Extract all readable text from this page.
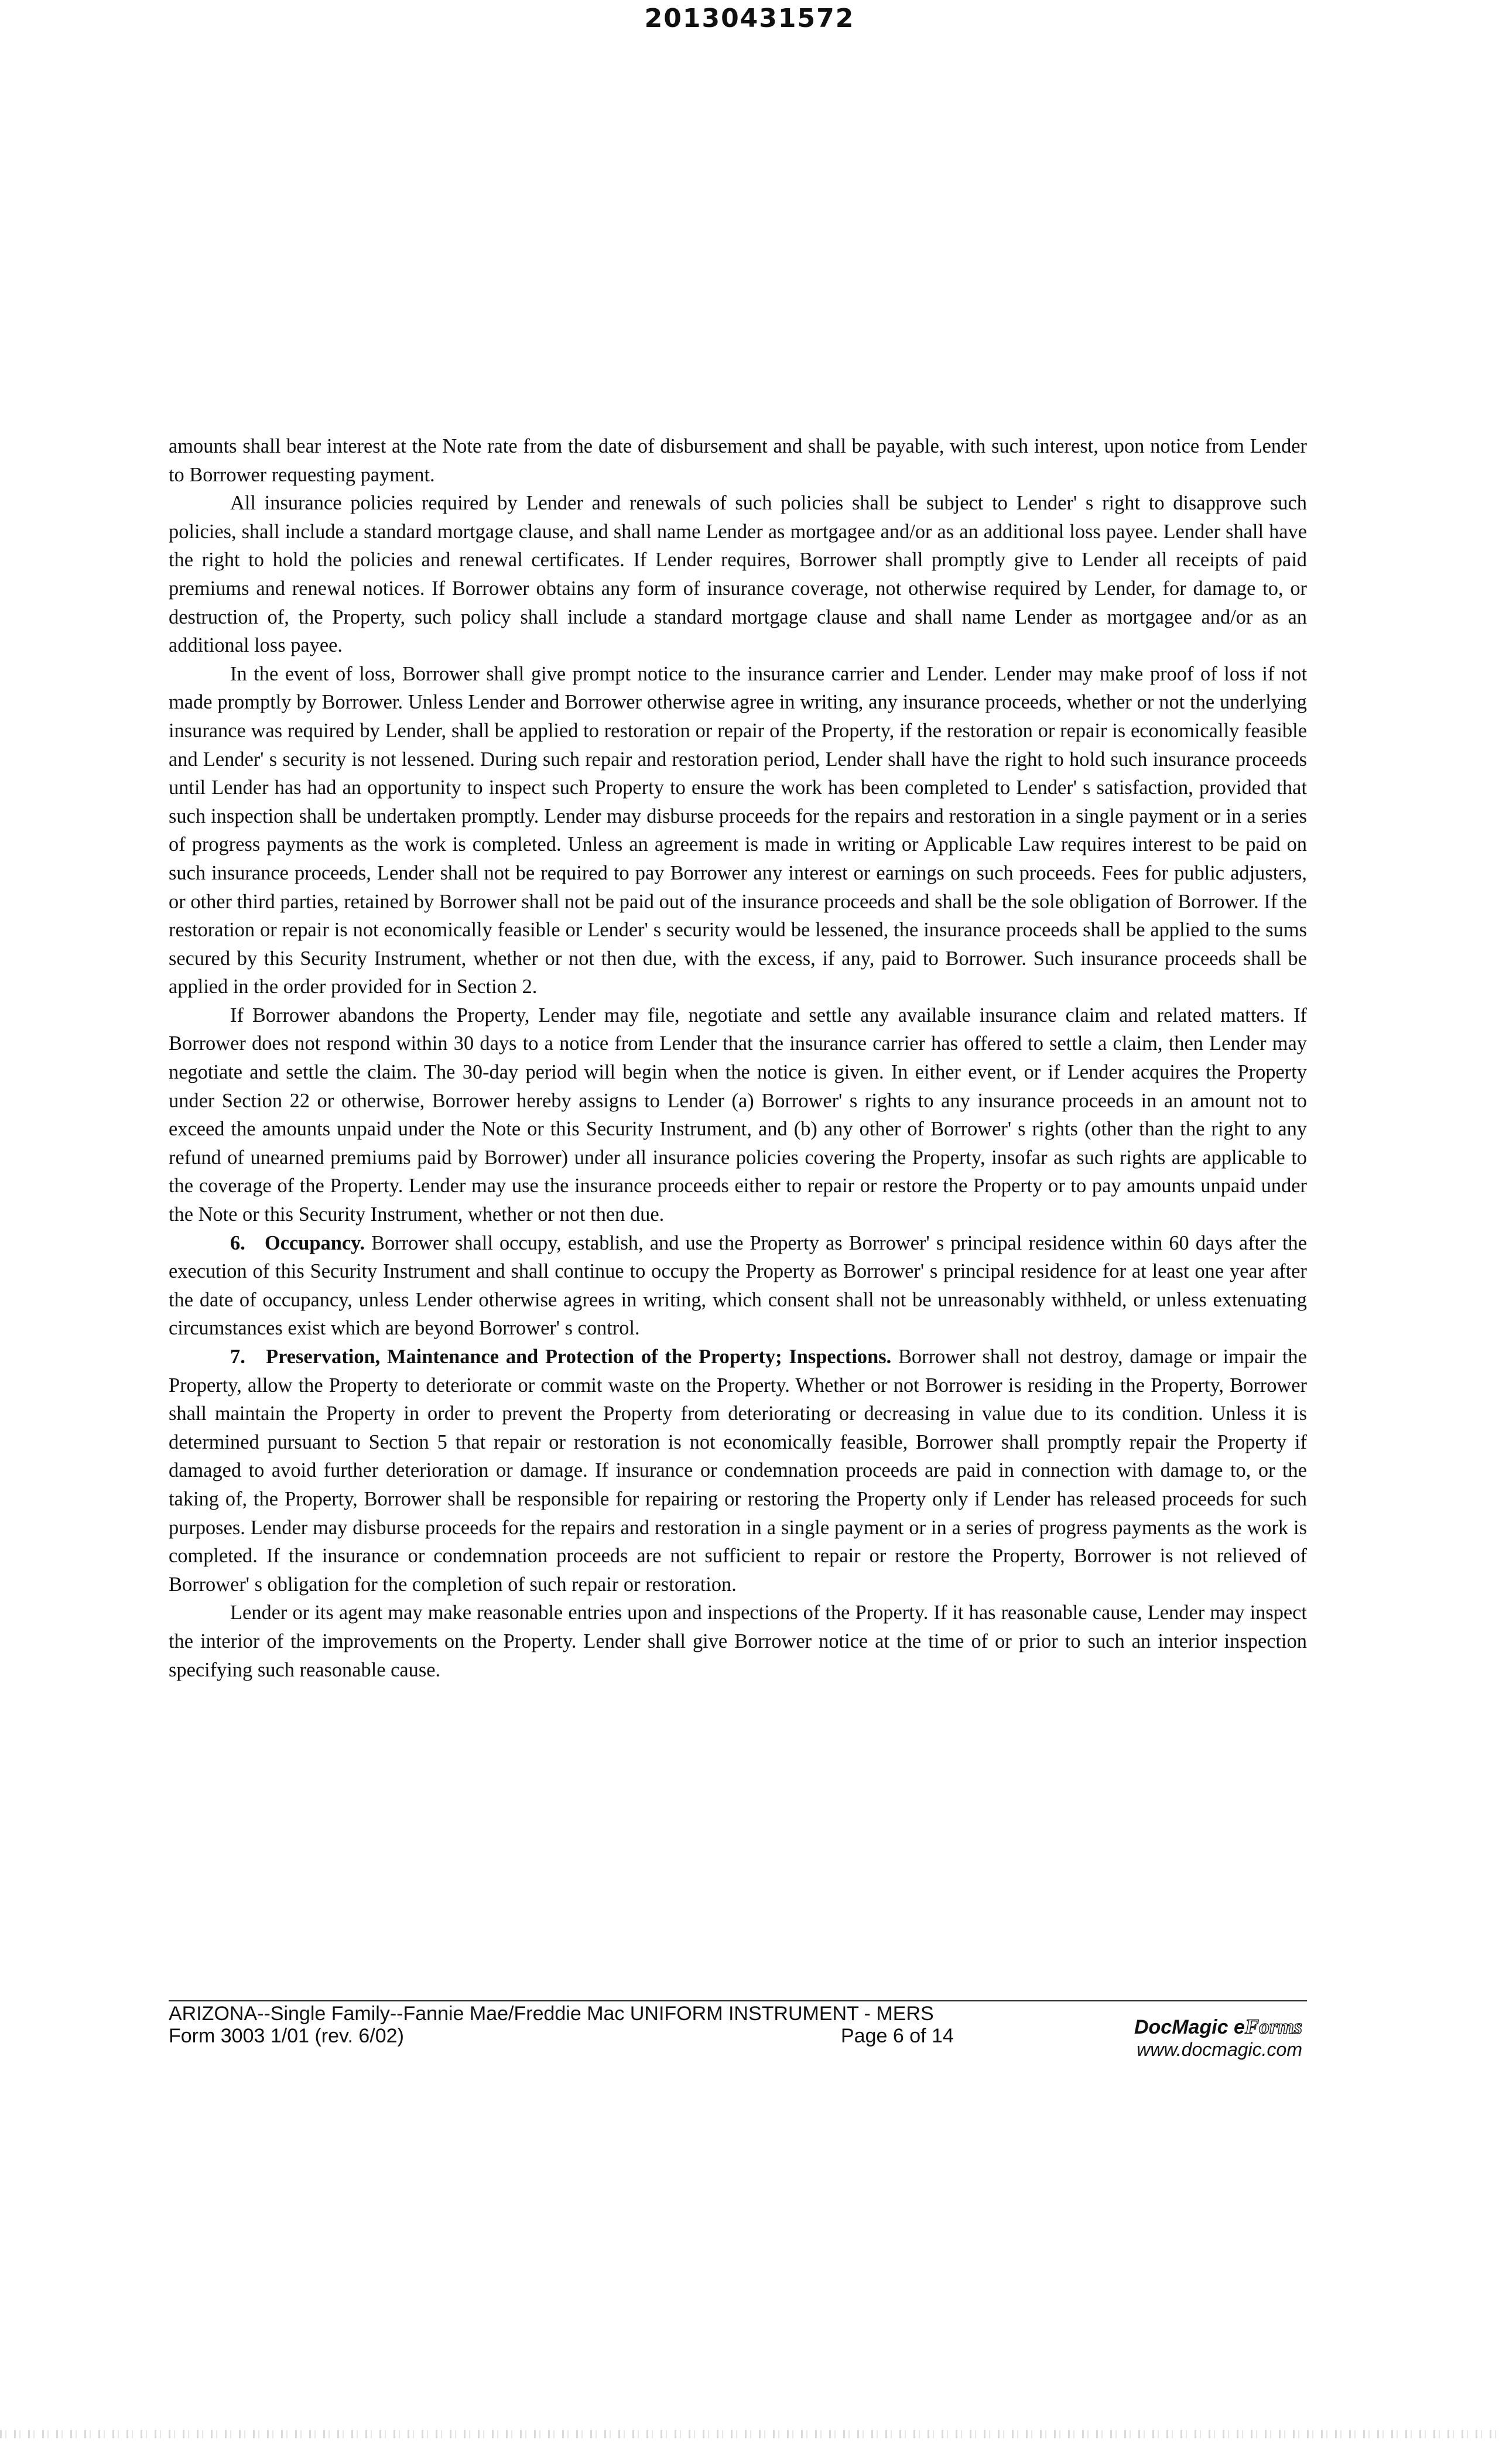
20130431572

amounts shall bear interest at the Note rate from the date of disbursement and shall be payable, with such interest, upon notice from Lender to Borrower requesting payment.

All insurance policies required by Lender and renewals of such policies shall be subject to Lender' s right to disapprove such policies, shall include a standard mortgage clause, and shall name Lender as mortgagee and/or as an additional loss payee. Lender shall have the right to hold the policies and renewal certificates. If Lender requires, Borrower shall promptly give to Lender all receipts of paid premiums and renewal notices. If Borrower obtains any form of insurance coverage, not otherwise required by Lender, for damage to, or destruction of, the Property, such policy shall include a standard mortgage clause and shall name Lender as mortgagee and/or as an additional loss payee.

In the event of loss, Borrower shall give prompt notice to the insurance carrier and Lender. Lender may make proof of loss if not made promptly by Borrower. Unless Lender and Borrower otherwise agree in writing, any insurance proceeds, whether or not the underlying insurance was required by Lender, shall be applied to restoration or repair of the Property, if the restoration or repair is economically feasible and Lender' s security is not lessened. During such repair and restoration period, Lender shall have the right to hold such insurance proceeds until Lender has had an opportunity to inspect such Property to ensure the work has been completed to Lender' s satisfaction, provided that such inspection shall be undertaken promptly. Lender may disburse proceeds for the repairs and restoration in a single payment or in a series of progress payments as the work is completed. Unless an agreement is made in writing or Applicable Law requires interest to be paid on such insurance proceeds, Lender shall not be required to pay Borrower any interest or earnings on such proceeds. Fees for public adjusters, or other third parties, retained by Borrower shall not be paid out of the insurance proceeds and shall be the sole obligation of Borrower. If the restoration or repair is not economically feasible or Lender' s security would be lessened, the insurance proceeds shall be applied to the sums secured by this Security Instrument, whether or not then due, with the excess, if any, paid to Borrower. Such insurance proceeds shall be applied in the order provided for in Section 2.

If Borrower abandons the Property, Lender may file, negotiate and settle any available insurance claim and related matters. If Borrower does not respond within 30 days to a notice from Lender that the insurance carrier has offered to settle a claim, then Lender may negotiate and settle the claim. The 30-day period will begin when the notice is given. In either event, or if Lender acquires the Property under Section 22 or otherwise, Borrower hereby assigns to Lender (a) Borrower' s rights to any insurance proceeds in an amount not to exceed the amounts unpaid under the Note or this Security Instrument, and (b) any other of Borrower' s rights (other than the right to any refund of unearned premiums paid by Borrower) under all insurance policies covering the Property, insofar as such rights are applicable to the coverage of the Property. Lender may use the insurance proceeds either to repair or restore the Property or to pay amounts unpaid under the Note or this Security Instrument, whether or not then due.

6. Occupancy. Borrower shall occupy, establish, and use the Property as Borrower' s principal residence within 60 days after the execution of this Security Instrument and shall continue to occupy the Property as Borrower' s principal residence for at least one year after the date of occupancy, unless Lender otherwise agrees in writing, which consent shall not be unreasonably withheld, or unless extenuating circumstances exist which are beyond Borrower' s control.

7. Preservation, Maintenance and Protection of the Property; Inspections. Borrower shall not destroy, damage or impair the Property, allow the Property to deteriorate or commit waste on the Property. Whether or not Borrower is residing in the Property, Borrower shall maintain the Property in order to prevent the Property from deteriorating or decreasing in value due to its condition. Unless it is determined pursuant to Section 5 that repair or restoration is not economically feasible, Borrower shall promptly repair the Property if damaged to avoid further deterioration or damage. If insurance or condemnation proceeds are paid in connection with damage to, or the taking of, the Property, Borrower shall be responsible for repairing or restoring the Property only if Lender has released proceeds for such purposes. Lender may disburse proceeds for the repairs and restoration in a single payment or in a series of progress payments as the work is completed. If the insurance or condemnation proceeds are not sufficient to repair or restore the Property, Borrower is not relieved of Borrower' s obligation for the completion of such repair or restoration.

Lender or its agent may make reasonable entries upon and inspections of the Property. If it has reasonable cause, Lender may inspect the interior of the improvements on the Property. Lender shall give Borrower notice at the time of or prior to such an interior inspection specifying such reasonable cause.

ARIZONA--Single Family--Fannie Mae/Freddie Mac UNIFORM INSTRUMENT - MERS
Form 3003 1/01 (rev. 6/02)	Page 6 of 14	DocMagic eForms
www.docmagic.com
